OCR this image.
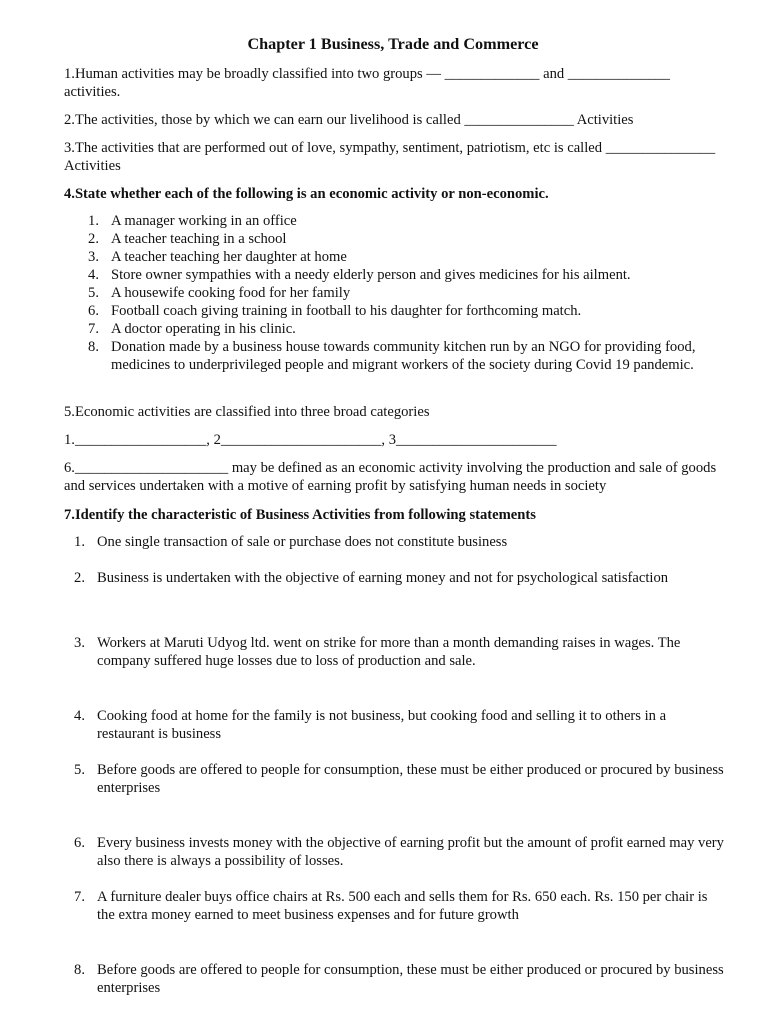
Chapter 1 Business, Trade and Commerce

1.Human activities may be broadly classified into two groups — _____________ and ______________ activities.

2.The activities, those by which we can earn our livelihood is called _______________ Activities

3.The activities that are performed out of love, sympathy, sentiment, patriotism, etc is called _______________ Activities

4.State whether each of the following is an economic activity or non-economic.

1. A manager working in an office
2. A teacher teaching in a school
3. A teacher teaching her daughter at home
4. Store owner sympathies with a needy elderly person and gives medicines for his ailment.
5. A housewife cooking food for her family
6. Football coach giving training in football to his daughter for forthcoming match.
7. A doctor operating in his clinic.
8. Donation made by a business house towards community kitchen run by an NGO for providing food, medicines to underprivileged people and migrant workers of the society during Covid 19 pandemic.

5.Economic activities are classified into three broad categories

1.__________________, 2______________________, 3______________________

6._____________________ may be defined as an economic activity involving the production and sale of goods and services undertaken with a motive of earning profit by satisfying human needs in society

7.Identify the characteristic of Business Activities from following statements

1. One single transaction of sale or purchase does not constitute business
2. Business is undertaken with the objective of earning money and not for psychological satisfaction
3. Workers at Maruti Udyog ltd. went on strike for more than a month demanding raises in wages. The company suffered huge losses due to loss of production and sale.
4. Cooking food at home for the family is not business, but cooking food and selling it to others in a restaurant is business
5. Before goods are offered to people for consumption, these must be either produced or procured by business enterprises
6. Every business invests money with the objective of earning profit but the amount of profit earned may very also there is always a possibility of losses.
7. A furniture dealer buys office chairs at Rs. 500 each and sells them for Rs. 650 each. Rs. 150 per chair is the extra money earned to meet business expenses and for future growth
8. Before goods are offered to people for consumption, these must be either produced or procured by business enterprises
